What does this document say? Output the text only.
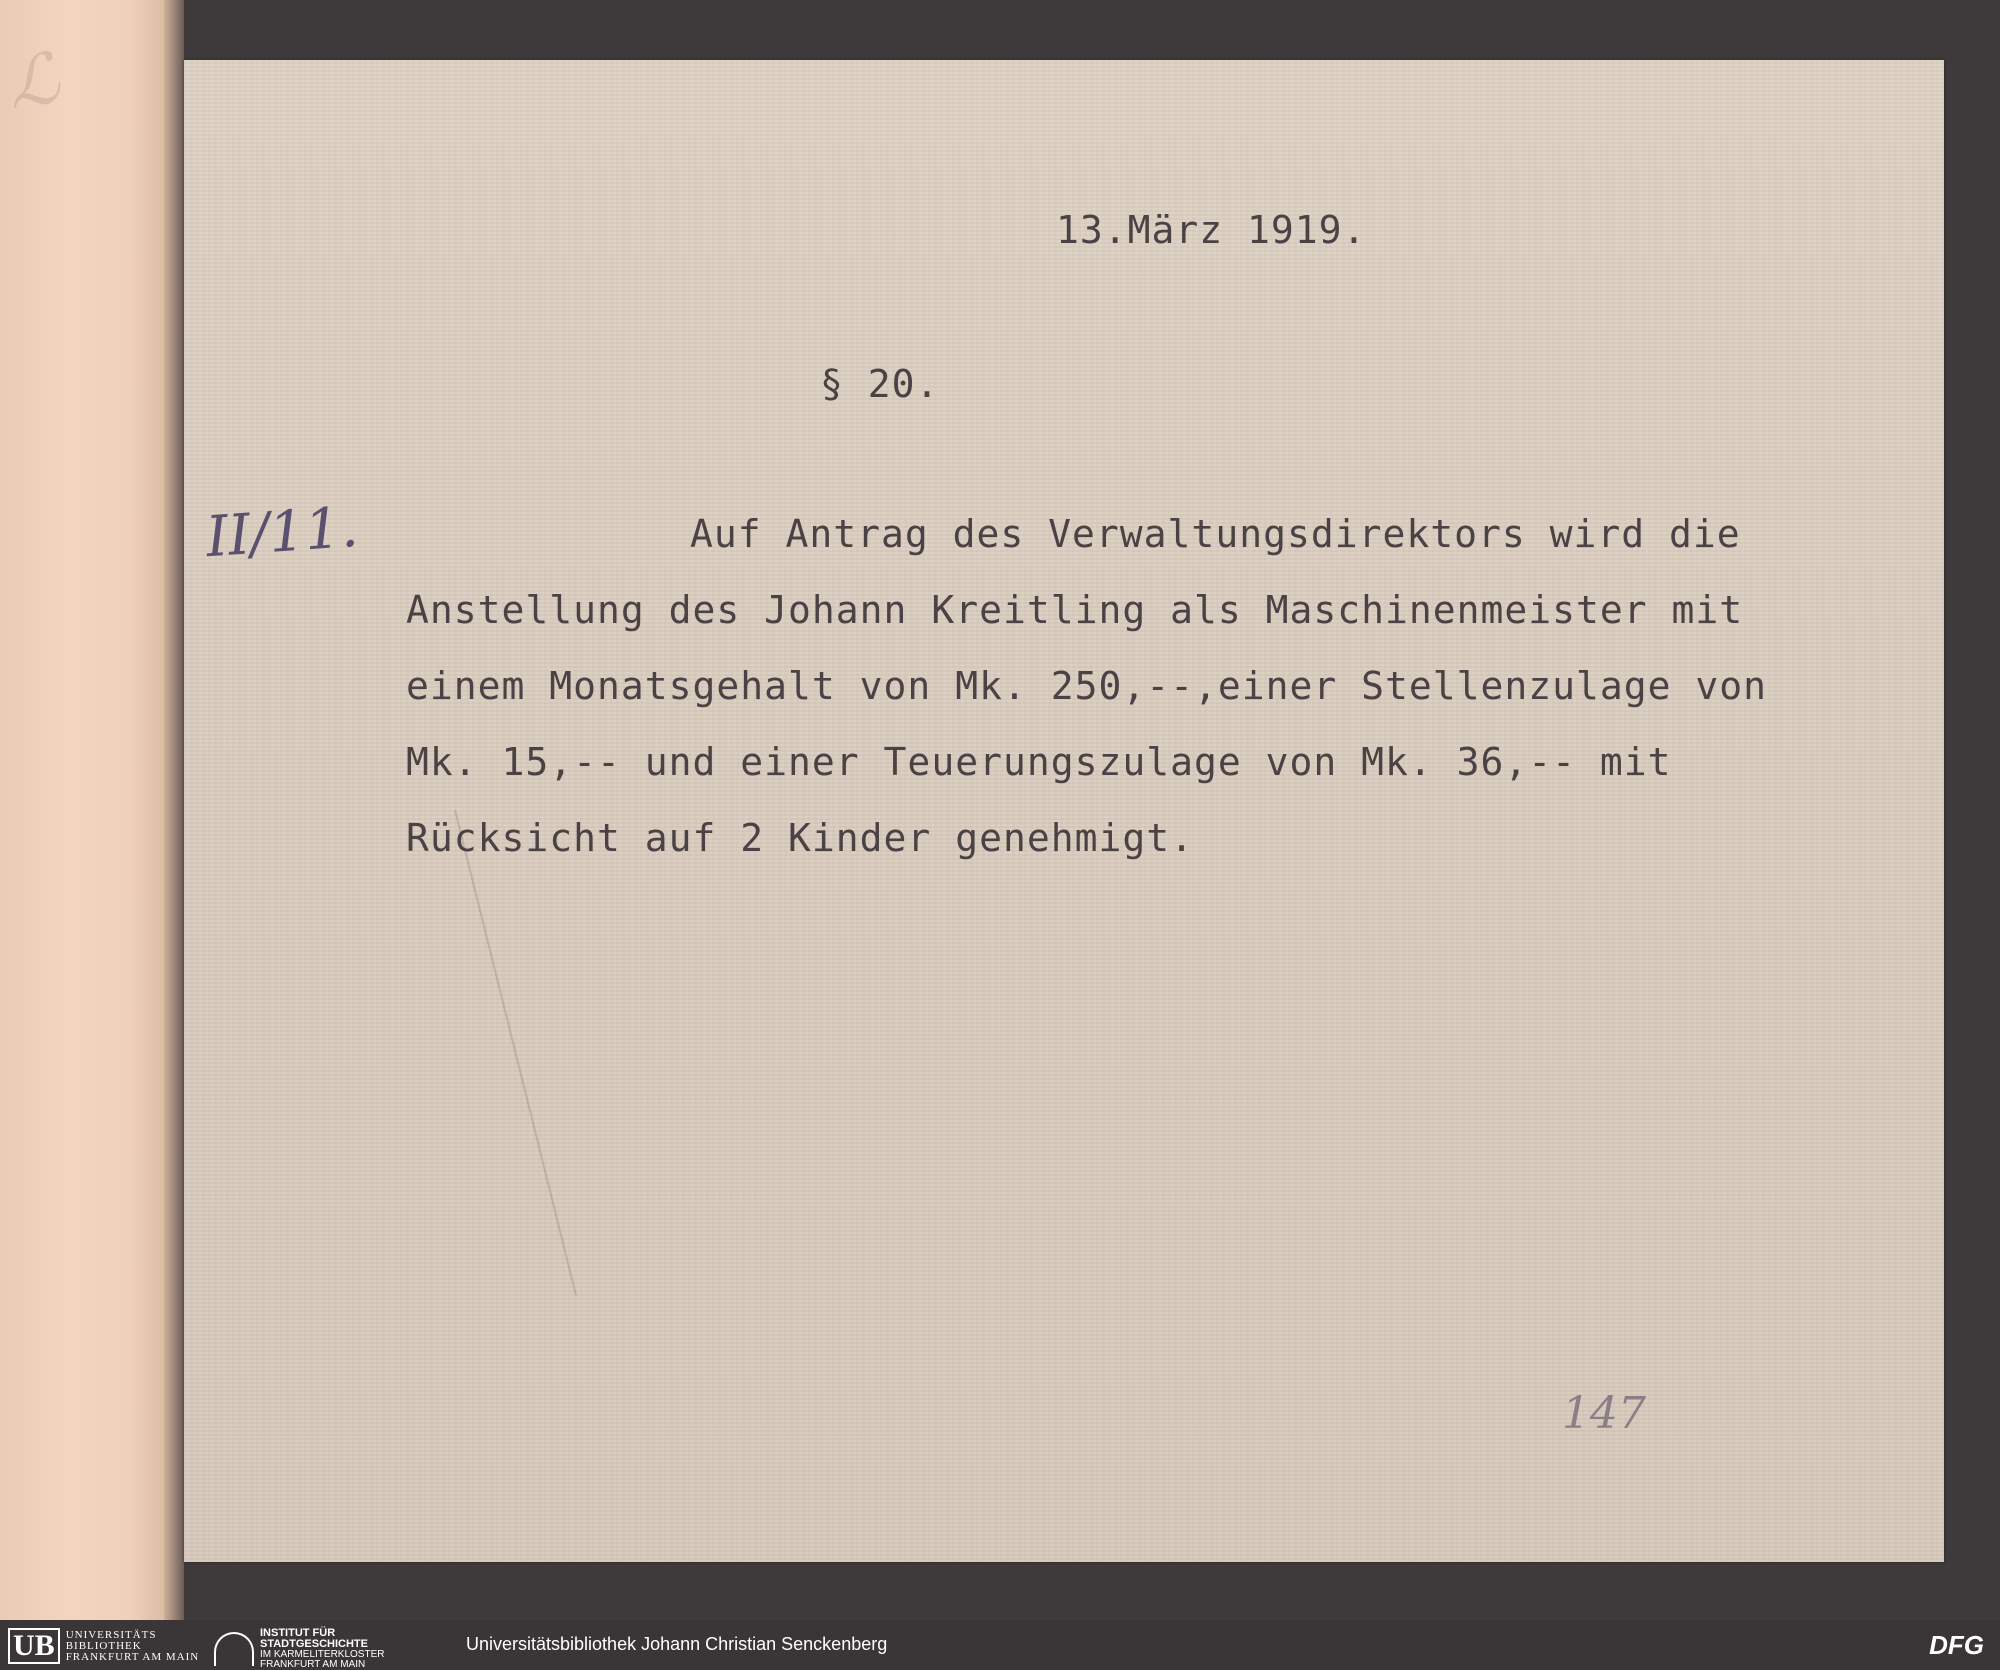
ℒ
13.März 1919.
§ 20.
II/11.	Auf Antrag des Verwaltungsdirektors wird die
Anstellung des Johann Kreitling als Maschinenmeister mit
einem Monatsgehalt von Mk. 250,--,einer Stellenzulage von
Mk. 15,-- und einer Teuerungszulage von Mk. 36,-- mit
Rücksicht auf 2 Kinder genehmigt.
147
UB	UNIVERSITÄTS
BIBLIOTHEK
FRANKFURT AM MAIN
INSTITUT FÜR
STADTGESCHICHTE
IM KARMELITERKLOSTER
FRANKFURT AM MAIN
Universitätsbibliothek Johann Christian Senckenberg	DFG
